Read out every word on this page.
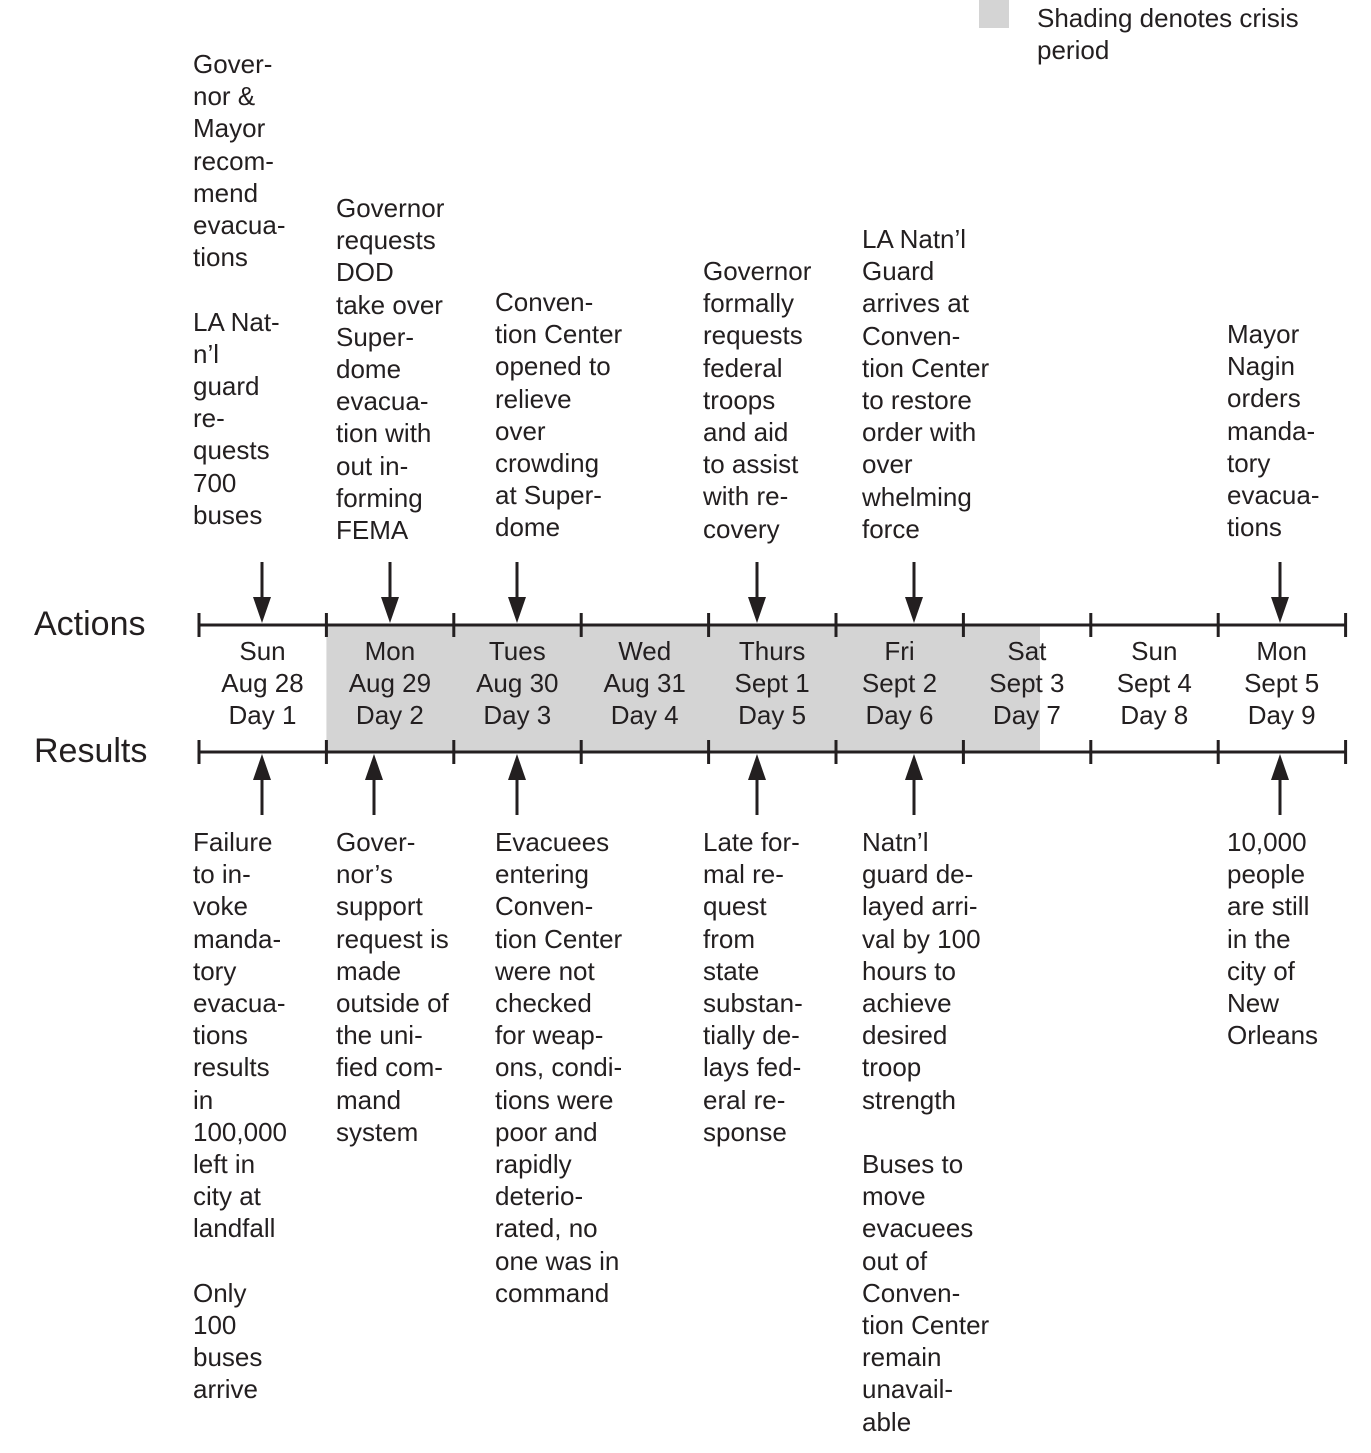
Shading denotes crisis
period
Actions
Results
Sun
Aug 28
Day 1
Mon
Aug 29
Day 2
Tues
Aug 30
Day 3
Wed
Aug 31
Day 4
Thurs
Sept 1
Day 5
Fri
Sept 2
Day 6
Sat
Sept 3
Day 7
Sun
Sept 4
Day 8
Mon
Sept 5
Day 9
Gover-
nor &
Mayor
recom-
mend
evacua-
tions

LA Nat-
n’l
guard
re-
quests
700
buses
Governor
requests
DOD
take over
Super-
dome
evacua-
tion with
out in-
forming
FEMA
Conven-
tion Center
opened to
relieve
over
crowding
at Super-
dome
Governor
formally
requests
federal
troops
and aid
to assist
with re-
covery
LA Natn’l
Guard
arrives at
Conven-
tion Center
to restore
order with
over
whelming
force
Mayor
Nagin
orders
manda-
tory
evacua-
tions
Failure
to in-
voke
manda-
tory
evacua-
tions
results
in
100,000
left in
city at
landfall

Only
100
buses
arrive
Gover-
nor’s
support
request is
made
outside of
the uni-
fied com-
mand
system
Evacuees
entering
Conven-
tion Center
were not
checked
for weap-
ons, condi-
tions were
poor and
rapidly
deterio-
rated, no
one was in
command
Late for-
mal re-
quest
from
state
substan-
tially de-
lays fed-
eral re-
sponse
Natn’l
guard de-
layed arri-
val by 100
hours to
achieve
desired
troop
strength

Buses to
move
evacuees
out of
Conven-
tion Center
remain
unavail-
able
10,000
people
are still
in the
city of
New
Orleans
